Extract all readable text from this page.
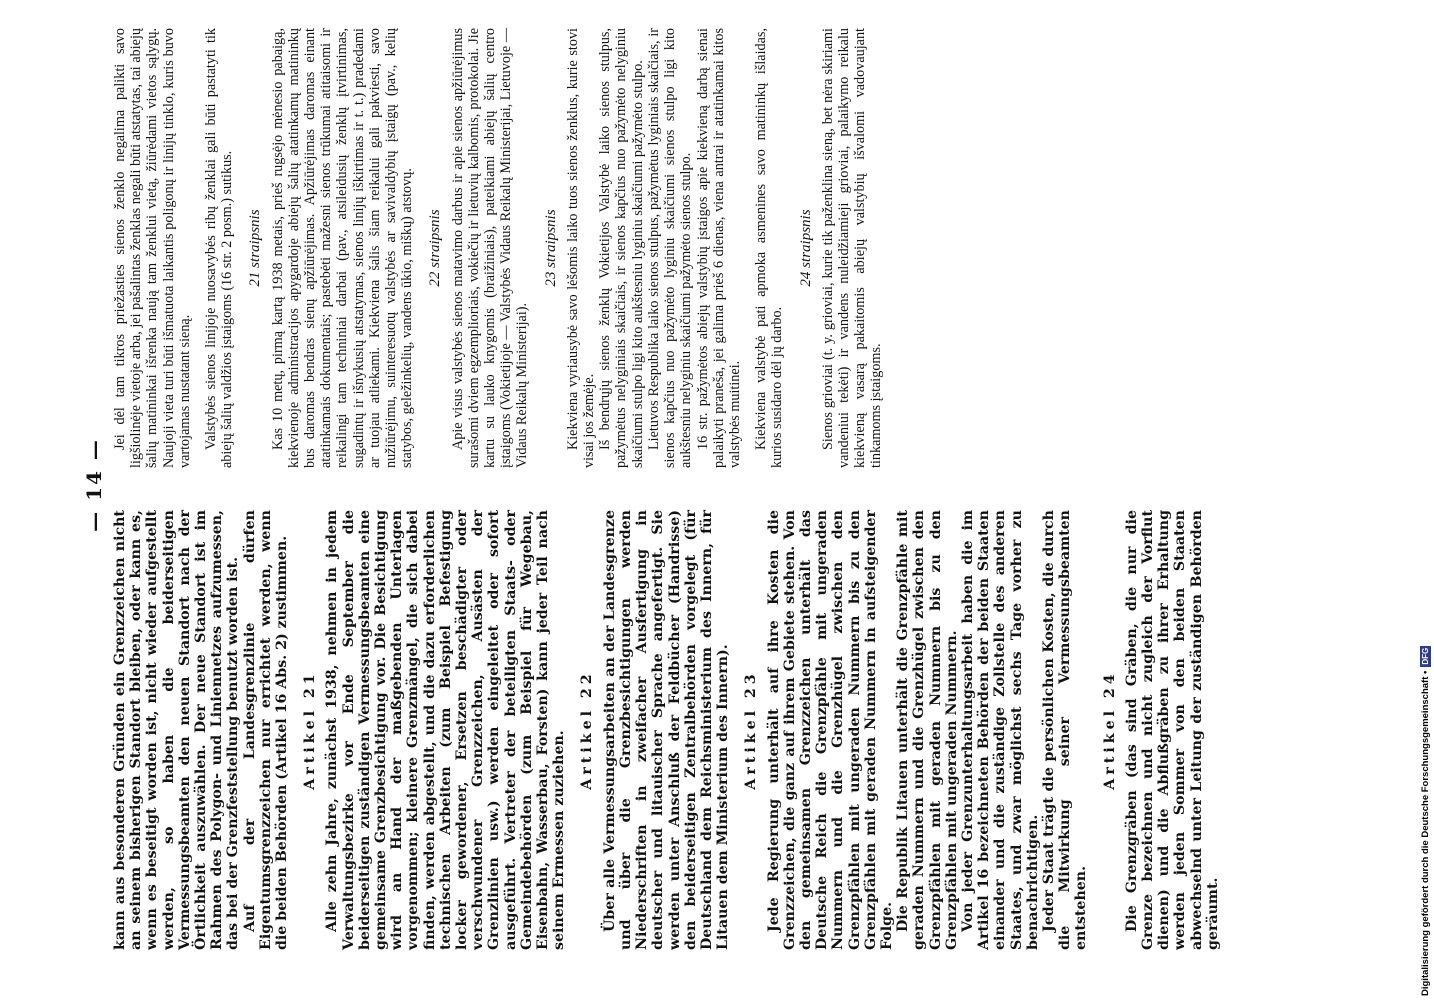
— 14 —

kann aus besonderen Gründen ein Grenzzeichen nicht an seinem bisherigen Standort bleiben, oder kann es, wenn es beseitigt worden ist, nicht wieder aufgestellt werden, so haben die beiderseitigen Vermessungsbeamten den neuen Standort nach der Örtlichkeit auszuwählen. Der neue Standort ist im Rahmen des Polygon- und Liniennetzes aufzumessen, das bei der Grenzfeststellung benutzt worden ist. Auf der Landesgrenzlinie dürfen Eigentumsgrenzzeichen nur errichtet werden, wenn die beiden Behörden (Artikel 16 Abs. 2) zustimmen. Artikel 21 Alle zehn Jahre, zunächst 1938, nehmen in jedem Verwaltungsbezirke vor Ende September die beiderseitigen zuständigen Vermessungsbeamten eine gemeinsame Grenzbesichtigung vor. Die Besichtigung wird an Hand der maßgebenden Unterlagen vorgenommen; kleinere Grenzmängel, die sich dabei finden, werden abgestellt, und die dazu erforderlichen technischen Arbeiten (zum Beispiel Befestigung locker gewordener, Ersetzen beschädigter oder verschwundener Grenzzeichen, Ausästen der Grenzlinien usw.) werden eingeleitet oder sofort ausgeführt. Vertreter der beteiligten Staats- oder Gemeindebehörden (zum Beispiel für Wegebau, Eisenbahn, Wasserbau, Forsten) kann jeder Teil nach seinem Ermessen zuziehen.

Artikel 22 Über alle Vermessungsarbeiten an der Landesgrenze und über die Grenzbesichtigungen werden Niederschriften in zweifacher Ausfertigung in deutscher und litauischer Sprache angefertigt. Sie werden unter Anschluß der Feldbücher (Handrisse) den beiderseitigen Zentralbehörden vorgelegt (für Deutschland dem Reichsministerium des Innern, für Litauen dem Ministerium des Innern). Artikel 23 Jede Regierung unterhält auf ihre Kosten die Grenzzeichen, die ganz auf ihrem Gebiete stehen. Von den gemeinsamen Grenzzeichen unterhält das Deutsche Reich die Grenzpfähle mit ungeraden Nummern und die Grenzhügel zwischen den Grenzpfählen mit ungeraden Nummern bis zu den Grenzpfählen mit geraden Nummern in aufsteigender Folge. Die Republik Litauen unterhält die Grenzpfähle mit geraden Nummern und die Grenzhügel zwischen den Grenzpfählen mit geraden Nummern bis zu den Grenzpfählen mit ungeraden Nummern. Von jeder Grenzunterhaltungsarbeit haben die im Artikel 16 bezeichneten Behörden der beiden Staaten einander und die zuständige Zollstelle des anderen Staates, und zwar möglichst sechs Tage vorher zu benachrichtigen. Jeder Staat trägt die persönlichen Kosten, die durch die Mitwirkung seiner Vermessungsbeamten entstehen.

Artikel 24 Die Grenzgräben (das sind Gräben, die nur die Grenze bezeichnen und nicht zugleich der Vorflut dienen) und die Abflußgräben zu ihrer Erhaltung werden jeden Sommer von den beiden Staaten abwechselnd unter Leitung der zuständigen Behörden geräumt.

Jei dėl tam tikros priežasties sienos ženklo negalima palikti savo ligšiolinėje vietoje arba, jei pašalintas ženklas negali būti atstatytas, tai abiejų šalių matininkai išrenka naują tam ženklui vietą, žiūrėdami vietos sąlygų. Naujoji vieta turi būti išmatuota laikantis poligonų ir linijų tinklo, kuris buvo vartojamas nustatant sieną. Valstybės sienos linijoje nuosavybės ribų ženklai gali būti pastatyti tik abiejų šalių valdžios įstaigoms (16 str. 2 posm.) sutikus. 21 straipsnis Kas 10 metų, pirmą kartą 1938 metais, prieš rugsėjo mėnesio pabaigą, kiekvienoje administracijos apygardoje abiejų šalių atatinkamų matininkų bus daromas bendras sienų apžiūrėjimas. Apžiūrėjimas daromas einant atatinkamais dokumentais; pastebėti mažesni sienos trūkumai atitaisomi ir reikalingi tam techniniai darbai (pav., atsileidusių ženklų įtvirtinimas, sugadintų ir išnykusių atstatymas, sienos linijų iškirtimas ir t. t.) pradedami ar tuojau atliekami. Kiekviena šalis šiam reikalui gali pakviesti, savo nužiūrėjimu, suinteresuotų valstybės ar savivaldybių įstaigų (pav., kelių statybos, geležinkelių, vandens ūkio, miškų) atstovų. 22 straipsnis Apie visus valstybės sienos matavimo darbus ir apie sienos apžiūrėjimus surašomi dviem egzemplioriais, vokiečių ir lietuvių kalbomis, protokolai. Jie kartu su lauko knygomis (braižiniais), pateikiami abiejų šalių centro įstaigoms (Vokietijoje — Valstybės Vidaus Reikalų Ministerijai, Lietuvoje — Vidaus Reikalų Ministerijai).

23 straipsnis Kiekviena vyriausybė savo lėšomis laiko tuos sienos ženklus, kurie stovi visai jos žemėje. Iš bendrųjų sienos ženklų Vokietijos Valstybė laiko sienos stulpus, pažymėtus nelyginiais skaičiais, ir sienos kapčius nuo pažymėto nelyginiu skaičiumi stulpo ligi kito aukštesniu lyginiu skaičiumi pažymėto stulpo. Lietuvos Respublika laiko sienos stulpus, pažymėtus lyginiais skaičiais, ir sienos kapčius nuo pažymėto lyginiu skaičiumi sienos stulpo ligi kito aukštesniu nelyginiu skaičiumi pažymėto sienos stulpo. 16 str. pažymėtos abiejų valstybių įstaigos apie kiekvieną darbą sienai palaikyti praneša, jei galima prieš 6 dienas, viena antrai ir atatinkamai kitos valstybės muitinei. Kiekviena valstybė pati apmoka asmenines savo matininkų išlaidas, kurios susidaro dėl jų darbo.

24 straipsnis Sienos grioviai (t. y. grioviai, kurie tik paženklina sieną, bet nėra skiriami vandeniui tekėti) ir vandens nuleidžiamieji grioviai, palaikymo reikalu kiekvieną vasarą pakaitomis abiejų valstybių išvalomi vadovaujant tinkamoms įstaigoms.

Digitalisierung gefördert durch die Deutsche Forschungsgemeinschaft •DFG
